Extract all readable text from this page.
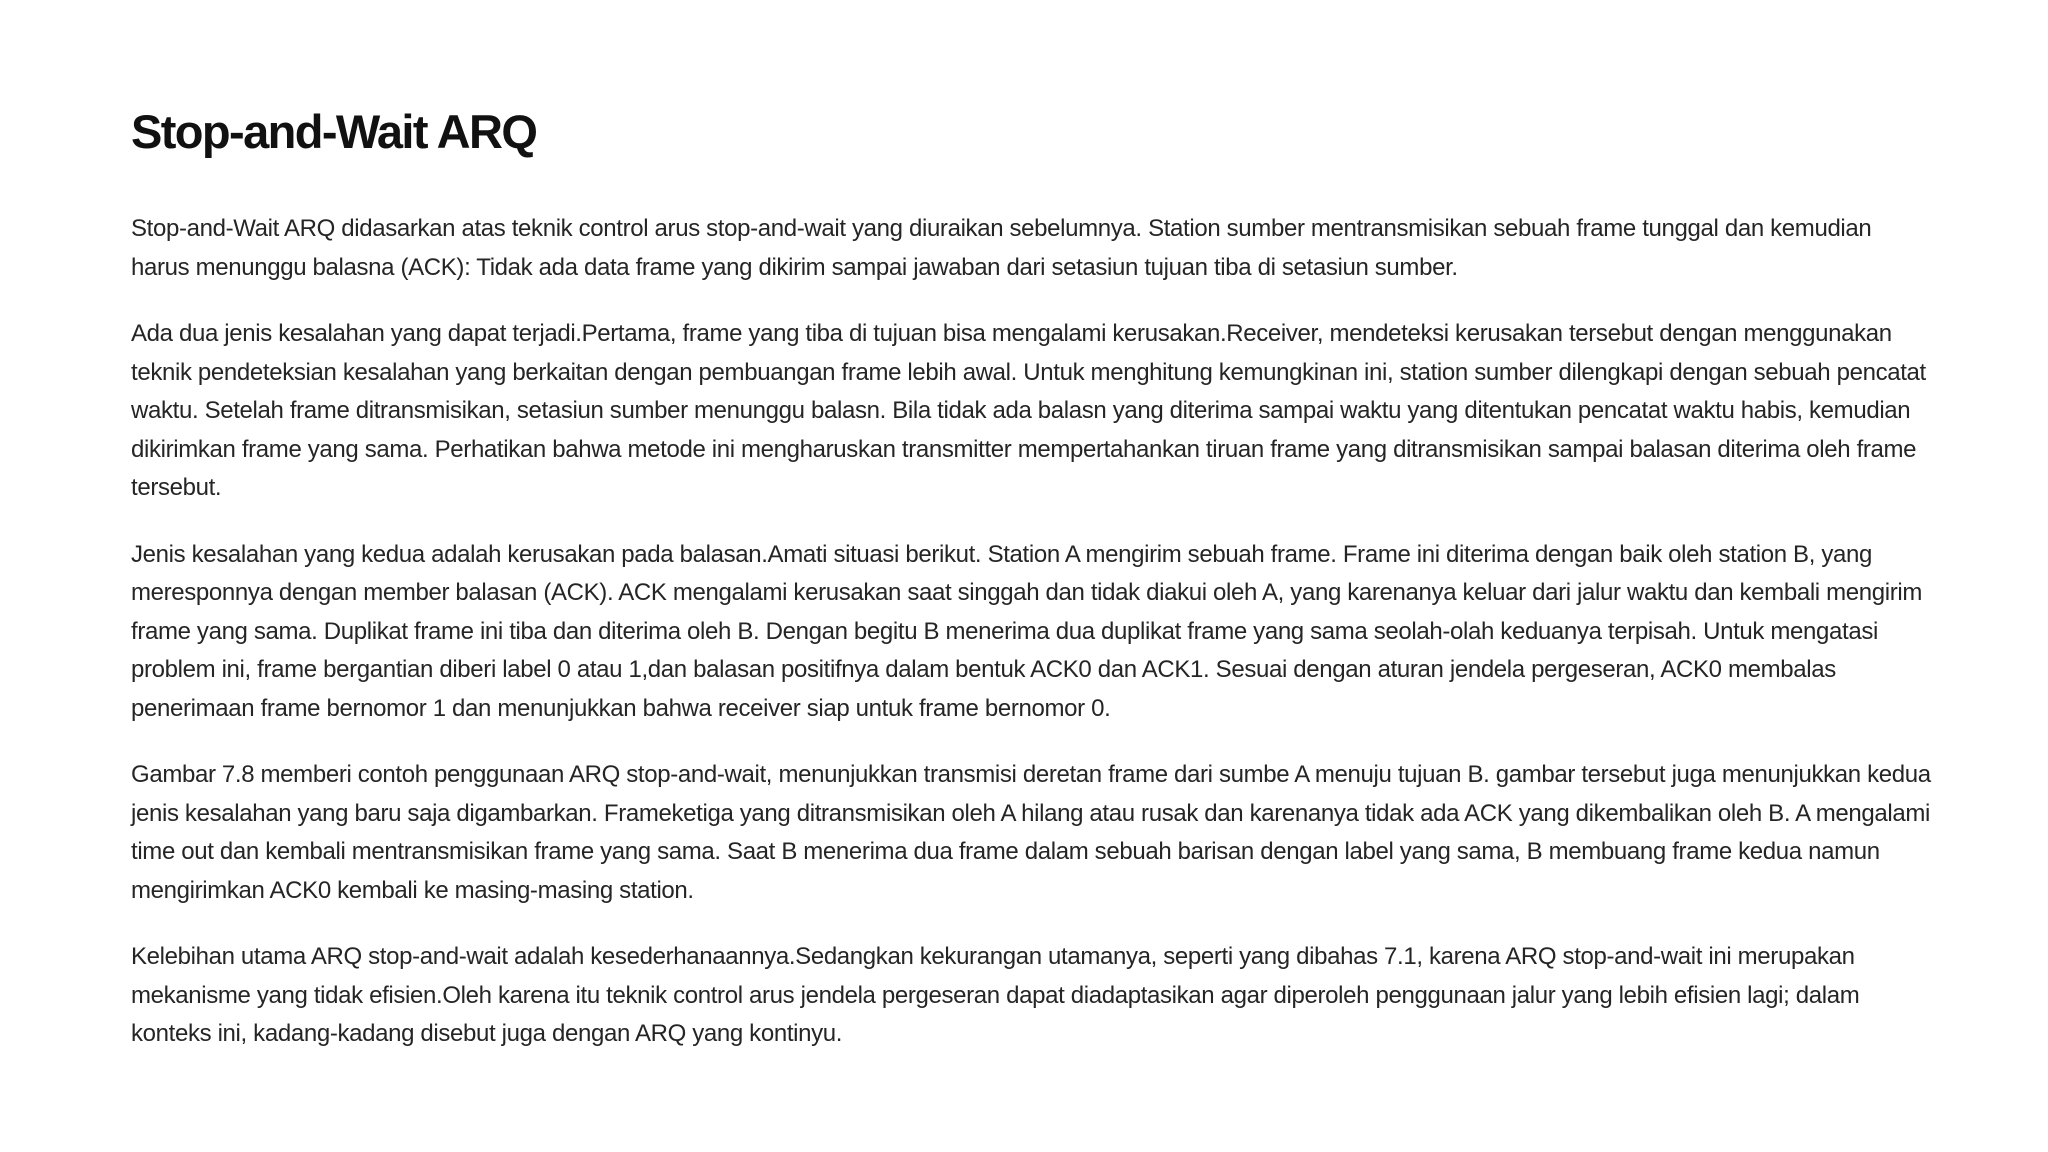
Stop-and-Wait ARQ

Stop-and-Wait ARQ didasarkan atas teknik control arus stop-and-wait yang diuraikan sebelumnya. Station sumber mentransmisikan sebuah frame tunggal dan kemudian harus menunggu balasna (ACK): Tidak ada data frame yang dikirim sampai jawaban dari setasiun tujuan tiba di setasiun sumber.

Ada dua jenis kesalahan yang dapat terjadi.Pertama, frame yang tiba di tujuan bisa mengalami kerusakan.Receiver, mendeteksi kerusakan tersebut dengan menggunakan teknik pendeteksian kesalahan yang berkaitan dengan pembuangan frame lebih awal. Untuk menghitung kemungkinan ini, station sumber dilengkapi dengan sebuah pencatat waktu. Setelah frame ditransmisikan, setasiun sumber menunggu balasn. Bila tidak ada balasn yang diterima sampai waktu yang ditentukan pencatat waktu habis, kemudian dikirimkan frame yang sama. Perhatikan bahwa metode ini mengharuskan transmitter mempertahankan tiruan frame yang ditransmisikan sampai balasan diterima oleh frame tersebut.

Jenis kesalahan yang kedua adalah kerusakan pada balasan.Amati situasi berikut. Station A mengirim sebuah frame. Frame ini diterima dengan baik oleh station B, yang meresponnya dengan member balasan (ACK). ACK mengalami kerusakan saat singgah dan tidak diakui oleh A, yang karenanya keluar dari jalur waktu dan kembali mengirim frame yang sama. Duplikat frame ini tiba dan diterima oleh B. Dengan begitu B menerima dua duplikat frame yang sama seolah-olah keduanya terpisah. Untuk mengatasi problem ini, frame bergantian diberi label 0 atau 1,dan balasan positifnya dalam bentuk ACK0 dan ACK1. Sesuai dengan aturan jendela pergeseran, ACK0 membalas penerimaan frame bernomor 1 dan menunjukkan bahwa receiver siap untuk frame bernomor 0.

Gambar 7.8 memberi contoh penggunaan ARQ stop-and-wait, menunjukkan transmisi deretan frame dari sumbe A menuju tujuan B. gambar tersebut juga menunjukkan kedua jenis kesalahan yang baru saja digambarkan. Frameketiga yang ditransmisikan oleh A hilang atau rusak dan karenanya tidak ada ACK yang dikembalikan oleh B. A mengalami time out dan kembali mentransmisikan frame yang sama. Saat B menerima dua frame dalam sebuah barisan dengan label yang sama, B membuang frame kedua namun mengirimkan ACK0 kembali ke masing-masing station.

Kelebihan utama ARQ stop-and-wait adalah kesederhanaannya.Sedangkan kekurangan utamanya, seperti yang dibahas 7.1, karena ARQ stop-and-wait ini merupakan mekanisme yang tidak efisien.Oleh karena itu teknik control arus jendela pergeseran dapat diadaptasikan agar diperoleh penggunaan jalur yang lebih efisien lagi; dalam konteks ini, kadang-kadang disebut juga dengan ARQ yang kontinyu.
